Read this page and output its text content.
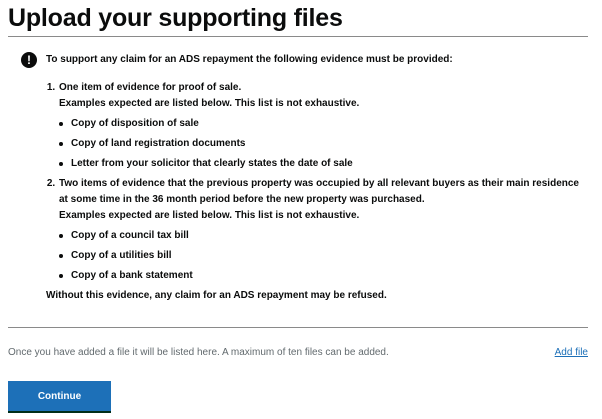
Upload your supporting files
!	To support any claim for an ADS repayment the following evidence must be provided:

1. One item of evidence for proof of sale.
Examples expected are listed below. This list is not exhaustive.
Copy of disposition of sale
Copy of land registration documents
Letter from your solicitor that clearly states the date of sale
2. Two items of evidence that the previous property was occupied by all relevant buyers as their main residence at some time in the 36 month period before the new property was purchased.
Examples expected are listed below. This list is not exhaustive.
Copy of a council tax bill
Copy of a utilities bill
Copy of a bank statement

Without this evidence, any claim for an ADS repayment may be refused.

Once you have added a file it will be listed here. A maximum of ten files can be added.	Add file
Continue
